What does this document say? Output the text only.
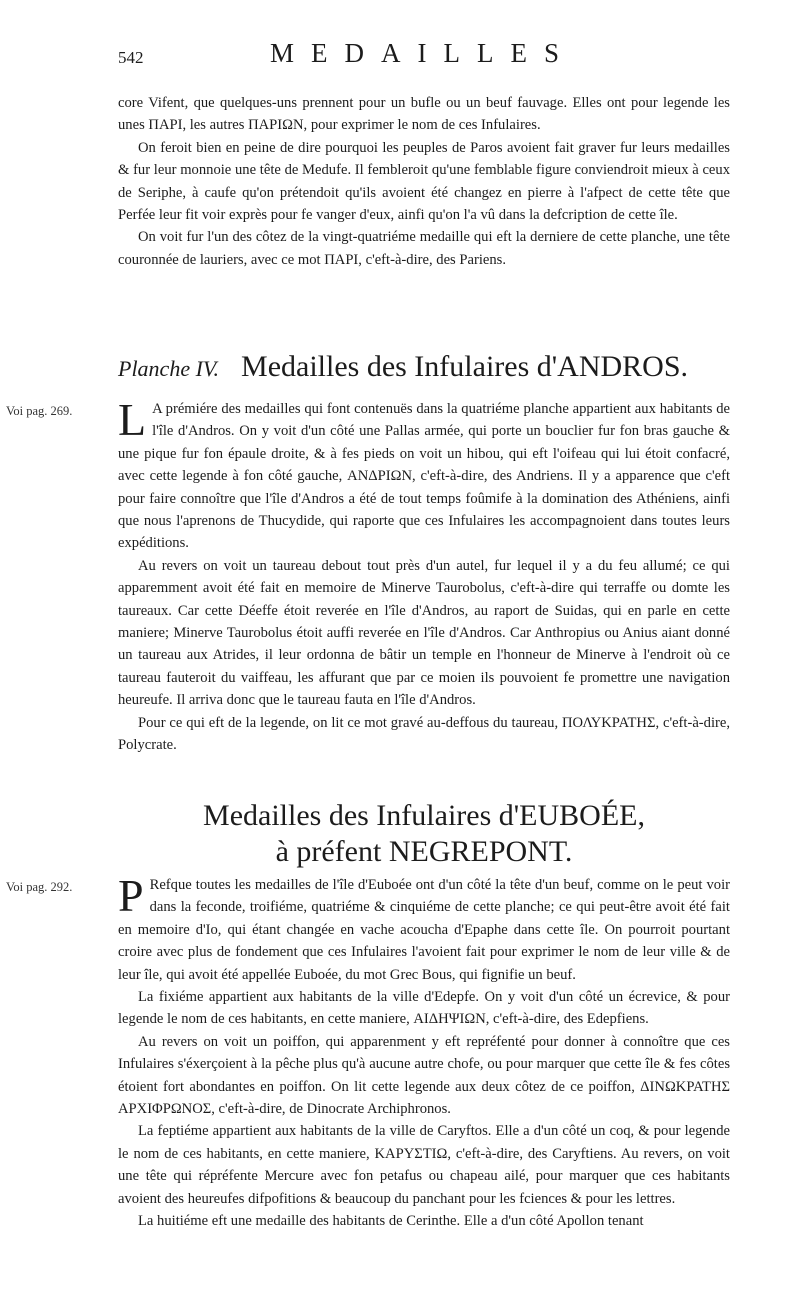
542	MEDAILLES

core Vifent, que quelques-uns prennent pour un bufle ou un beuf fauvage. Elles ont pour legende les unes ΠΑΡΙ, les autres ΠΑΡΙΩΝ, pour exprimer le nom de ces Infulaires.

On feroit bien en peine de dire pourquoi les peuples de Paros avoient fait graver fur leurs medailles & fur leur monnoie une tête de Medufe. Il fembleroit qu'une femblable figure conviendroit mieux à ceux de Seriphe, à caufe qu'on prétendoit qu'ils avoient été changez en pierre à l'afpect de cette tête que Perfée leur fit voir exprès pour fe vanger d'eux, ainfi qu'on l'a vû dans la defcription de cette île.

On voit fur l'un des côtez de la vingt-quatriéme medaille qui eft la derniere de cette planche, une tête couronnée de lauriers, avec ce mot ΠΑΡΙ, c'eft-à-dire, des Pariens.

Planche IV. Medailles des Infulaires d'ANDROS.
Voi pag. 269. L A prémiére des medailles qui font contenuës dans la quatriéme planche appartient aux habitants de l'île d'Andros. On y voit d'un côté une Pallas armée, qui porte un bouclier fur fon bras gauche & une pique fur fon épaule droite, & à fes pieds on voit un hibou, qui eft l'oifeau qui lui étoit confacré, avec cette legende à fon côté gauche, ΑΝΔΡΙΩΝ, c'eft-à-dire, des Andriens. Il y a apparence que c'eft pour faire connoître que l'île d'Andros a été de tout temps foûmife à la domination des Athéniens, ainfi que nous l'aprenons de Thucydide, qui raporte que ces Infulaires les accompagnoient dans toutes leurs expéditions.

Au revers on voit un taureau debout tout près d'un autel, fur lequel il y a du feu allumé; ce qui apparemment avoit été fait en memoire de Minerve Taurobolus, c'eft-à-dire qui terraffe ou domte les taureaux. Car cette Déeffe étoit reverée en l'île d'Andros, au raport de Suidas, qui en parle en cette maniere; Minerve Taurobolus étoit auffi reverée en l'île d'Andros. Car Anthropius ou Anius aiant donné un taureau aux Atrides, il leur ordonna de bâtir un temple en l'honneur de Minerve à l'endroit où ce taureau fauteroit du vaiffeau, les affurant que par ce moien ils pouvoient fe promettre une navigation heureufe. Il arriva donc que le taureau fauta en l'île d'Andros.

Pour ce qui eft de la legende, on lit ce mot gravé au-deffous du taureau, ΠΟΛΥΚΡΑΤΗΣ, c'eft-à-dire, Polycrate.

Medailles des Infulaires d'EUBOÉE,
à préfent NEGREPONT.
Voi pag. 292. P Refque toutes les medailles de l'île d'Euboée ont d'un côté la tête d'un beuf, comme on le peut voir dans la feconde, troifiéme, quatriéme & cinquiéme de cette planche; ce qui peut-être avoit été fait en memoire d'Io, qui étant changée en vache acoucha d'Epaphe dans cette île. On pourroit pourtant croire avec plus de fondement que ces Infulaires l'avoient fait pour exprimer le nom de leur ville & de leur île, qui avoit été appellée Euboée, du mot Grec Bous, qui fignifie un beuf.

La fixiéme appartient aux habitants de la ville d'Edepfe. On y voit d'un côté un écrevice, & pour legende le nom de ces habitants, en cette maniere, ΑΙΔΗΨΙΩΝ, c'eft-à-dire, des Edepfiens.

Au revers on voit un poiffon, qui apparenment y eft repréfenté pour donner à connoître que ces Infulaires s'éxerçoient à la pêche plus qu'à aucune autre chofe, ou pour marquer que cette île & fes côtes étoient fort abondantes en poiffon. On lit cette legende aux deux côtez de ce poiffon, ΔΙΝΩΚΡΑΤΗΣ ΑΡΧΙΦΡΩΝΟΣ, c'eft-à-dire, de Dinocrate Archiphronos.

La feptiéme appartient aux habitants de la ville de Caryftos. Elle a d'un côté un coq, & pour legende le nom de ces habitants, en cette maniere, ΚΑΡΥΣΤΙΩ, c'eft-à-dire, des Caryftiens. Au revers, on voit une tête qui répréfente Mercure avec fon petafus ou chapeau ailé, pour marquer que ces habitants avoient des heureufes difpofitions & beaucoup du panchant pour les fciences & pour les lettres.

La huitiéme eft une medaille des habitants de Cerinthe. Elle a d'un côté Apollon tenant
